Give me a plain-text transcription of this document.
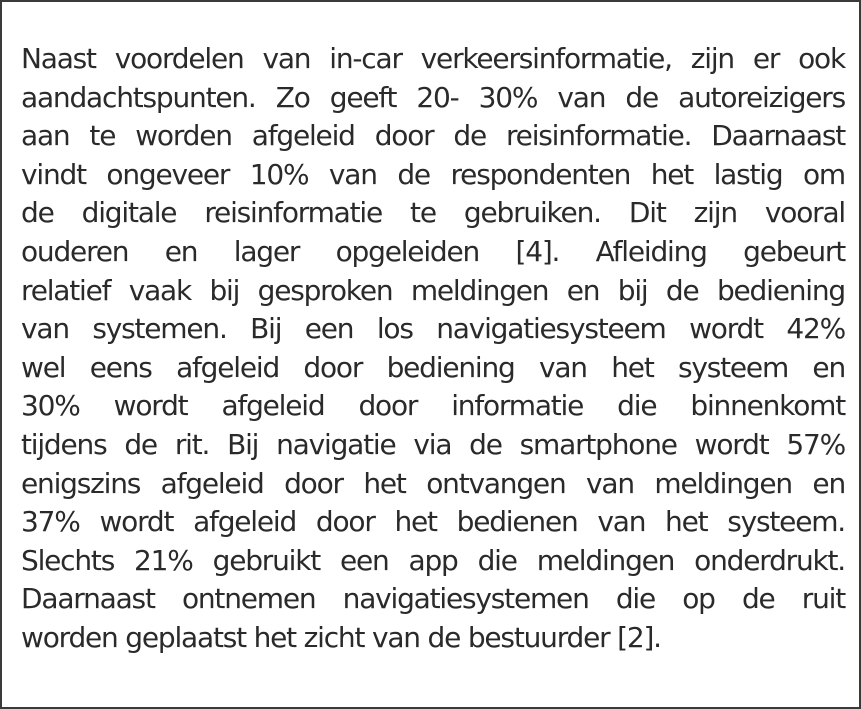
Naast voordelen van in-car verkeersinformatie, zijn er ook
aandachtspunten. Zo geeft 20- 30% van de autoreizigers
aan te worden afgeleid door de reisinformatie. Daarnaast
vindt ongeveer 10% van de respondenten het lastig om
de digitale reisinformatie te gebruiken. Dit zijn vooral
ouderen en lager opgeleiden [4]. Afleiding gebeurt
relatief vaak bij gesproken meldingen en bij de bediening
van systemen. Bij een los navigatiesysteem wordt 42%
wel eens afgeleid door bediening van het systeem en
30% wordt afgeleid door informatie die binnenkomt
tijdens de rit. Bij navigatie via de smartphone wordt 57%
enigszins afgeleid door het ontvangen van meldingen en
37% wordt afgeleid door het bedienen van het systeem.
Slechts 21% gebruikt een app die meldingen onderdrukt.
Daarnaast ontnemen navigatiesystemen die op de ruit
worden geplaatst het zicht van de bestuurder [2].
